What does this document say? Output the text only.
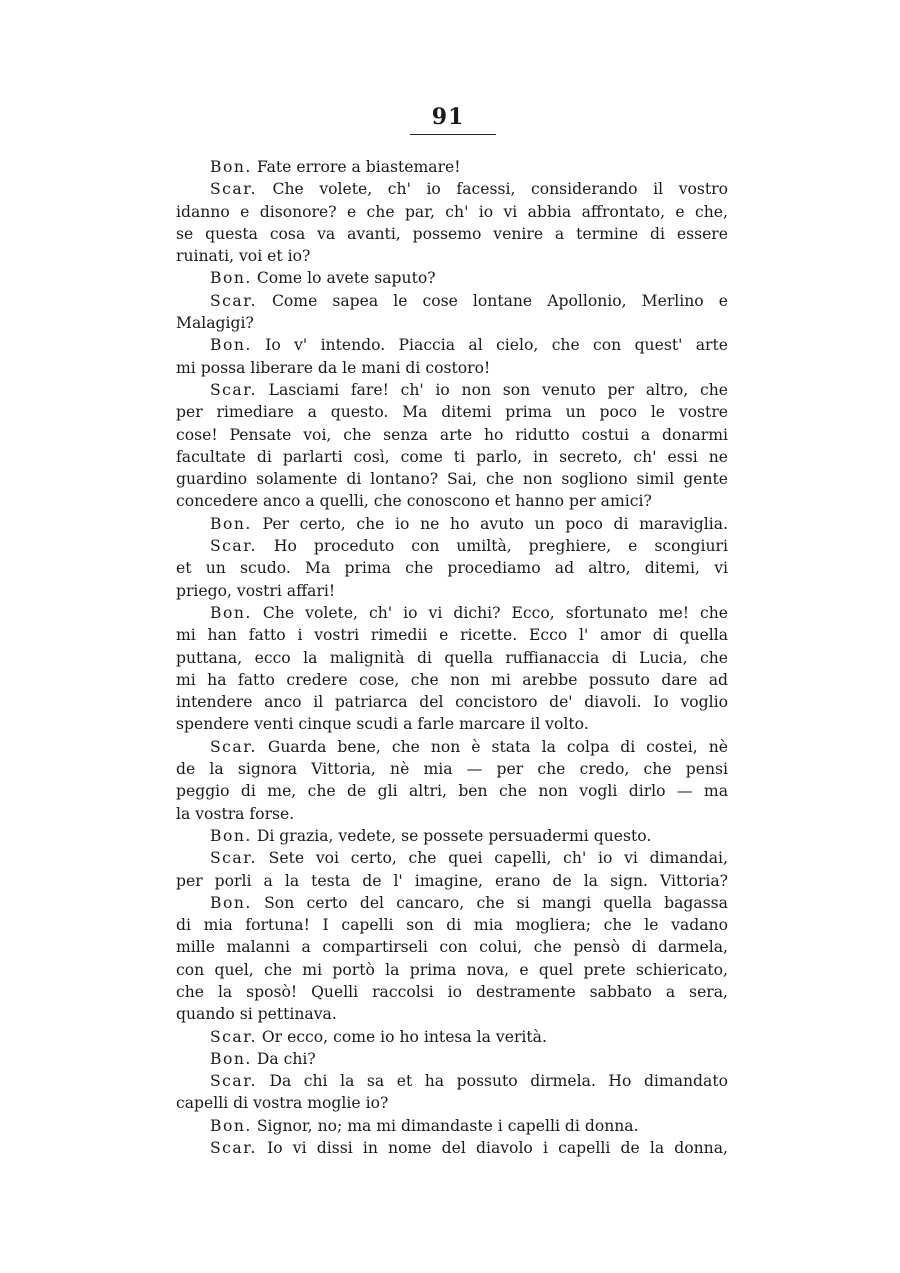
91
Bon. Fate errore a biastemare!
Scar. Che volete, ch' io facessi, considerando il vostro
idanno e disonore? e che par, ch' io vi abbia affrontato, e che,
se questa cosa va avanti, possemo venire a termine di essere
ruinati, voi et io?
Bon. Come lo avete saputo?
Scar. Come sapea le cose lontane Apollonio, Merlino e
Malagigi?
Bon. Io v' intendo. Piaccia al cielo, che con quest' arte
mi possa liberare da le mani di costoro!
Scar. Lasciami fare! ch' io non son venuto per altro, che
per rimediare a questo. Ma ditemi prima un poco le vostre
cose! Pensate voi, che senza arte ho ridutto costui a donarmi
facultate di parlarti così, come ti parlo, in secreto, ch' essi ne
guardino solamente di lontano? Sai, che non sogliono simil gente
concedere anco a quelli, che conoscono et hanno per amici?
Bon. Per certo, che io ne ho avuto un poco di maraviglia.
Scar. Ho proceduto con umiltà, preghiere, e scongiuri
et un scudo. Ma prima che procediamo ad altro, ditemi, vi
priego, vostri affari!
Bon. Che volete, ch' io vi dichi? Ecco, sfortunato me! che
mi han fatto i vostri rimedii e ricette. Ecco l' amor di quella
puttana, ecco la malignità di quella ruffianaccia di Lucia, che
mi ha fatto credere cose, che non mi arebbe possuto dare ad
intendere anco il patriarca del concistoro de' diavoli. Io voglio
spendere venti cinque scudi a farle marcare il volto.
Scar. Guarda bene, che non è stata la colpa di costei, nè
de la signora Vittoria, nè mia — per che credo, che pensi
peggio di me, che de gli altri, ben che non vogli dirlo — ma
la vostra forse.
Bon. Di grazia, vedete, se possete persuadermi questo.
Scar. Sete voi certo, che quei capelli, ch' io vi dimandai,
per porli a la testa de l' imagine, erano de la sign. Vittoria?
Bon. Son certo del cancaro, che si mangi quella bagassa
di mia fortuna! I capelli son di mia mogliera; che le vadano
mille malanni a compartirseli con colui, che pensò di darmela,
con quel, che mi portò la prima nova, e quel prete schiericato,
che la sposò! Quelli raccolsi io destramente sabbato a sera,
quando si pettinava.
Scar. Or ecco, come io ho intesa la verità.
Bon. Da chi?
Scar. Da chi la sa et ha possuto dirmela. Ho dimandato
capelli di vostra moglie io?
Bon. Signor, no; ma mi dimandaste i capelli di donna.
Scar. Io vi dissi in nome del diavolo i capelli de la donna,
